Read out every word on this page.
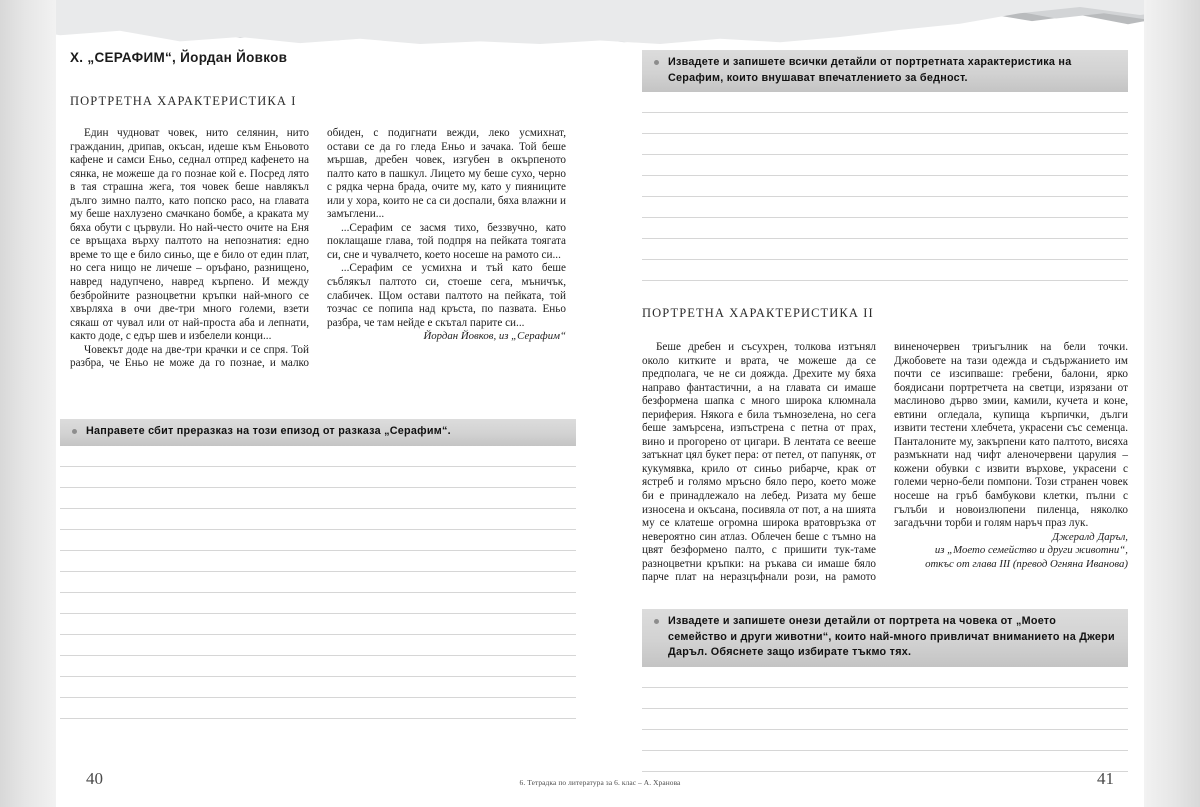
X. „СЕРАФИМ“, Йордан Йовков
ПОРТРЕТНА ХАРАКТЕРИСТИКА I

Един чудноват човек, нито селянин, нито гражданин, дрипав, окъсан, идеше към Еньовото кафене и самси Еньо, седнал отпред кафенето на сянка, не можеше да го познае кой е. Посред лято в тая страшна жега, тоя човек беше навлякъл дълго зимно палто, като попско расо, на главата му беше нахлузено смачкано бомбе, а краката му бяха обути с цървули. Но най-често очите на Еня се връщаха върху палтото на непознатия: едно време то ще е било синьо, ще е било от един плат, но сега нищо не личеше – оръфано, разнищено, навред надупчено, навред кърпено. И между безбройните разноцветни кръпки най-много се хвърляха в очи две-три много големи, взети сякаш от чувал или от най-проста аба и лепнати, както доде, с едър шев и избелели конци...

Човекът доде на две-три крачки и се спря. Той разбра, че Еньо не може да го познае, и малко обиден, с подигнати вежди, леко усмихнат, остави се да го гледа Еньо и зачака. Той беше мършав, дребен човек, изгубен в окърпеното палто като в пашкул. Лицето му беше сухо, черно с рядка черна брада, очите му, като у пияниците или у хора, които не са си доспали, бяха влажни и замъглени...

...Серафим се засмя тихо, беззвучно, като поклащаше глава, той подпря на пейката тоягата си, сне и чувалчето, което носеше на рамото си...

...Серафим се усмихна и тъй като беше съблякъл палтото си, стоеше сега, мъничък, слабичек. Щом остави палтото на пейката, той тозчас се попипа над кръста, по пазвата. Еньо разбра, че там нейде е скътал парите си...

Йордан Йовков, из „Серафим“

Направете сбит преразказ на този епизод от разказа „Серафим“.
40
Извадете и запишете всички детайли от портретната характеристика на Серафим, които внушават впечатлението за бедност.
ПОРТРЕТНА ХАРАКТЕРИСТИКА II

Беше дребен и съсухрен, толкова изтънял около китките и врата, че можеше да се предполага, че не си дояжда. Дрехите му бяха направо фантастични, а на главата си имаше безформена шапка с много широка клюмнала периферия. Някога е била тъмнозелена, но сега беше замърсена, изпъстрена с петна от прах, вино и прогорено от цигари. В лентата се вееше затъкнат цял букет пера: от петел, от папуняк, от кукумявка, крило от синьо рибарче, крак от ястреб и голямо мръсно бяло перо, което може би е принадлежало на лебед. Ризата му беше износена и окъсана, посивяла от пот, а на шията му се клатеше огромна широка вратовръзка от невероятно син атлаз. Облечен беше с тъмно на цвят безформено палто, с пришити тук-таме разноцветни кръпки: на ръкава си имаше бяло парче плат на неразцъфнали рози, на рамото виненочервен триъгълник на бели точки. Джобовете на тази одежда и съдържанието им почти се изсипваше: гребени, балони, ярко боядисани портретчета на светци, изрязани от маслиново дърво змии, камили, кучета и коне, евтини огледала, купища кърпички, дълги извити тестени хлебчета, украсени със семенца. Панталоните му, закърпени като палтото, висяха размъкнати над чифт аленочервени царулия – кожени обувки с извити върхове, украсени с големи черно-бели помпони. Този странен човек носеше на гръб бамбукови клетки, пълни с гълъби и новоизлюпени пиленца, няколко загадъчни торби и голям наръч праз лук.

Джералд Даръл,

из „Моето семейство и други животни“,

откъс от глава III (превод Огняна Иванова)

Извадете и запишете онези детайли от портрета на човека от „Моето семейство и други животни“, които най-много привличат вниманието на Джери Даръл. Обяснете защо избирате тъкмо тях.
41
6. Тетрадка по литература за 6. клас – А. Хранова
